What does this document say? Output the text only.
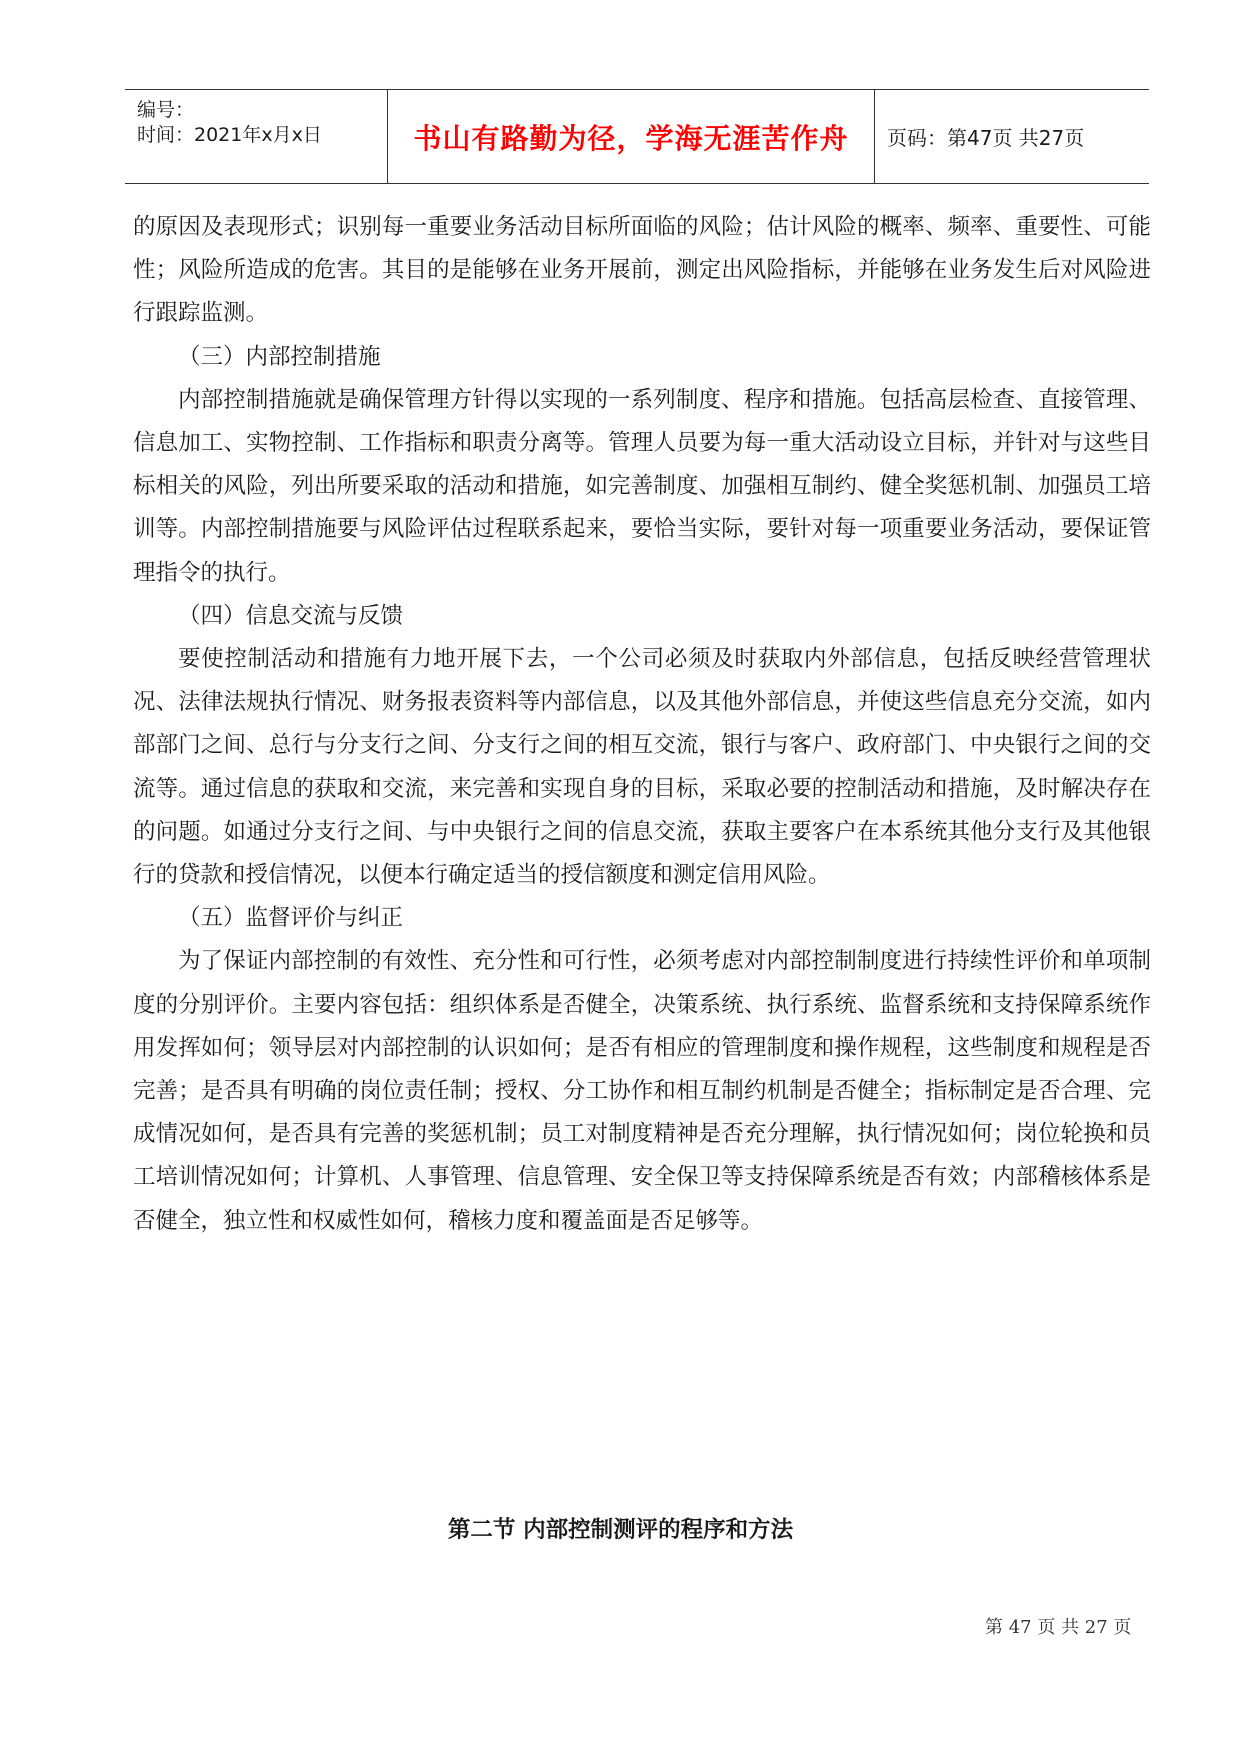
编号：
时间：2021年x月x日	书山有路勤为径，学海无涯苦作舟 页码：第47页 共27页

的原因及表现形式；识别每一重要业务活动目标所面临的风险；估计风险的概率、频率、重要性、可能性；风险所造成的危害。其目的是能够在业务开展前，测定出风险指标，并能够在业务发生后对风险进行跟踪监测。

（三）内部控制措施

内部控制措施就是确保管理方针得以实现的一系列制度、程序和措施。包括高层检查、直接管理、信息加工、实物控制、工作指标和职责分离等。管理人员要为每一重大活动设立目标，并针对与这些目标相关的风险，列出所要采取的活动和措施，如完善制度、加强相互制约、健全奖惩机制、加强员工培训等。内部控制措施要与风险评估过程联系起来，要恰当实际，要针对每一项重要业务活动，要保证管理指令的执行。

（四）信息交流与反馈

要使控制活动和措施有力地开展下去，一个公司必须及时获取内外部信息，包括反映经营管理状况、法律法规执行情况、财务报表资料等内部信息，以及其他外部信息，并使这些信息充分交流，如内部部门之间、总行与分支行之间、分支行之间的相互交流，银行与客户、政府部门、中央银行之间的交流等。通过信息的获取和交流，来完善和实现自身的目标，采取必要的控制活动和措施，及时解决存在的问题。如通过分支行之间、与中央银行之间的信息交流，获取主要客户在本系统其他分支行及其他银行的贷款和授信情况，以便本行确定适当的授信额度和测定信用风险。

（五）监督评价与纠正

为了保证内部控制的有效性、充分性和可行性，必须考虑对内部控制制度进行持续性评价和单项制度的分别评价。主要内容包括：组织体系是否健全，决策系统、执行系统、监督系统和支持保障系统作用发挥如何；领导层对内部控制的认识如何；是否有相应的管理制度和操作规程，这些制度和规程是否完善；是否具有明确的岗位责任制；授权、分工协作和相互制约机制是否健全；指标制定是否合理、完成情况如何，是否具有完善的奖惩机制；员工对制度精神是否充分理解，执行情况如何；岗位轮换和员工培训情况如何；计算机、人事管理、信息管理、安全保卫等支持保障系统是否有效；内部稽核体系是否健全，独立性和权威性如何，稽核力度和覆盖面是否足够等。

第二节 内部控制测评的程序和方法
第 47 页 共 27 页
